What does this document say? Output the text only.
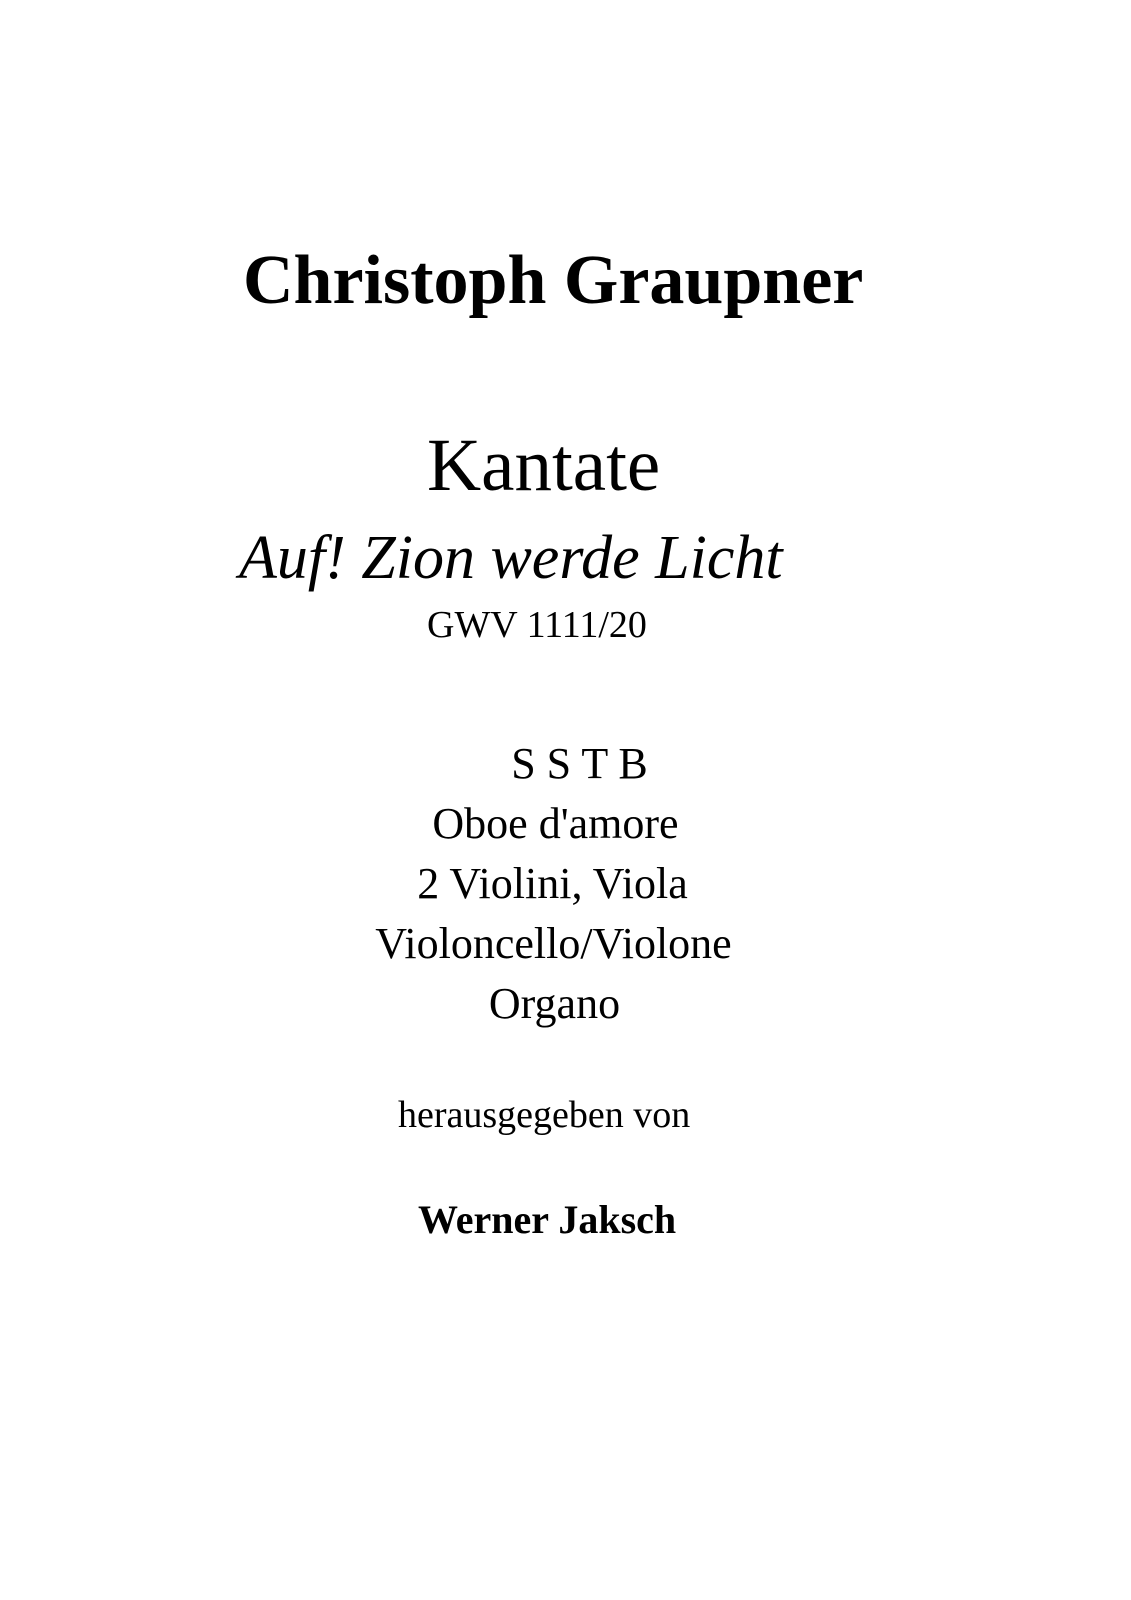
Christoph Graupner
Kantate
Auf! Zion werde Licht
GWV 1111/20
S S T B
Oboe d'amore
2 Violini, Viola
Violoncello/Violone
Organo
herausgegeben von
Werner Jaksch
